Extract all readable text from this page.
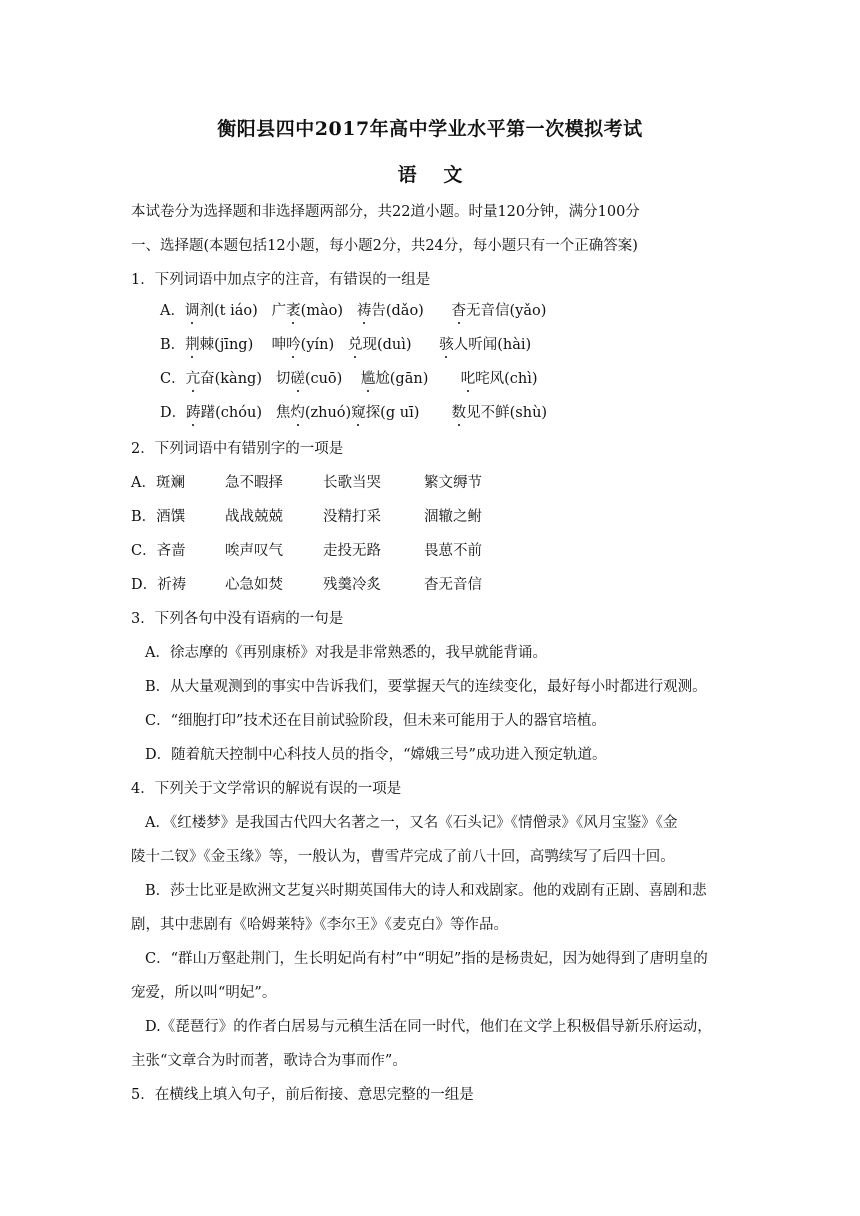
衡阳县四中2017年高中学业水平第一次模拟考试
语 文
本试卷分为选择题和非选择题两部分，共22道小题。时量120分钟，满分100分
一、选择题(本题包括12小题，每小题2分，共24分，每小题只有一个正确答案)
1．下列词语中加点字的注音，有错误的一组是
A．调剂(t iáo) 广袤(mào) 祷告(dǎo) 杳无音信(yǎo)
B．荆棘(jīng) 呻吟(yín) 兑现(duì) 骇人听闻(hài)
C．亢奋(kàng) 切磋(cuō) 尴尬(gān) 叱咤风(chì)
D．踌躇(chóu) 焦灼(zhuó)窥探(g uī) 数见不鲜(shù)
2．下列词语中有错别字的一项是
A．斑斓	急不暇择	长歌当哭	繁文缛节
B．酒馔	战战兢兢	没精打采	涸辙之鲋
C．吝啬	唉声叹气	走投无路	畏葸不前
D．祈祷	心急如焚	残羹冷炙	杳无音信
3．下列各句中没有语病的一句是
A．徐志摩的《再别康桥》对我是非常熟悉的，我早就能背诵。
B．从大量观测到的事实中告诉我们，要掌握天气的连续变化，最好每小时都进行观测。
C．“细胞打印”技术还在目前试验阶段，但未来可能用于人的器官培植。
D．随着航天控制中心科技人员的指令，“嫦娥三号”成功进入预定轨道。
4．下列关于文学常识的解说有误的一项是
A．《红楼梦》是我国古代四大名著之一，又名《石头记》《情僧录》《风月宝鉴》《金
陵十二钗》《金玉缘》等，一般认为，曹雪芹完成了前八十回，高鹗续写了后四十回。
B．莎士比亚是欧洲文艺复兴时期英国伟大的诗人和戏剧家。他的戏剧有正剧、喜剧和悲
剧，其中悲剧有《哈姆莱特》《李尔王》《麦克白》等作品。
C．“群山万壑赴荆门，生长明妃尚有村”中“明妃”指的是杨贵妃，因为她得到了唐明皇的
宠爱，所以叫“明妃”。
D.《琵琶行》的作者白居易与元稹生活在同一时代，他们在文学上积极倡导新乐府运动，
主张“文章合为时而著，歌诗合为事而作”。
5．在横线上填入句子，前后衔接、意思完整的一组是
